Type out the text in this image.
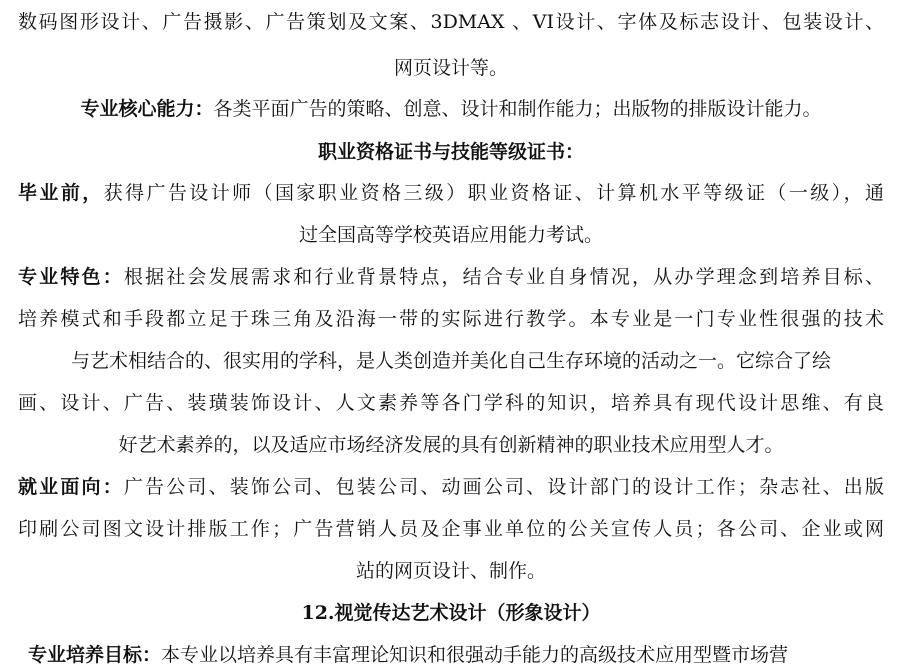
数码图形设计、广告摄影、广告策划及文案、3DMAX 、VI设计、字体及标志设计、包装设计、
网页设计等。
专业核心能力：各类平面广告的策略、创意、设计和制作能力；出版物的排版设计能力。
职业资格证书与技能等级证书：
毕业前，获得广告设计师（国家职业资格三级）职业资格证、计算机水平等级证（一级），通
过全国高等学校英语应用能力考试。
专业特色：根据社会发展需求和行业背景特点，结合专业自身情况，从办学理念到培养目标、
培养模式和手段都立足于珠三角及沿海一带的实际进行教学。本专业是一门专业性很强的技术
与艺术相结合的、很实用的学科，是人类创造并美化自己生存环境的活动之一。它综合了绘
画、设计、广告、装璜装饰设计、人文素养等各门学科的知识，培养具有现代设计思维、有良
好艺术素养的，以及适应市场经济发展的具有创新精神的职业技术应用型人才。
就业面向：广告公司、装饰公司、包装公司、动画公司、设计部门的设计工作；杂志社、出版
印刷公司图文设计排版工作；广告营销人员及企事业单位的公关宣传人员；各公司、企业或网
站的网页设计、制作。
12.视觉传达艺术设计（形象设计）
专业培养目标：本专业以培养具有丰富理论知识和很强动手能力的高级技术应用型暨市场营
